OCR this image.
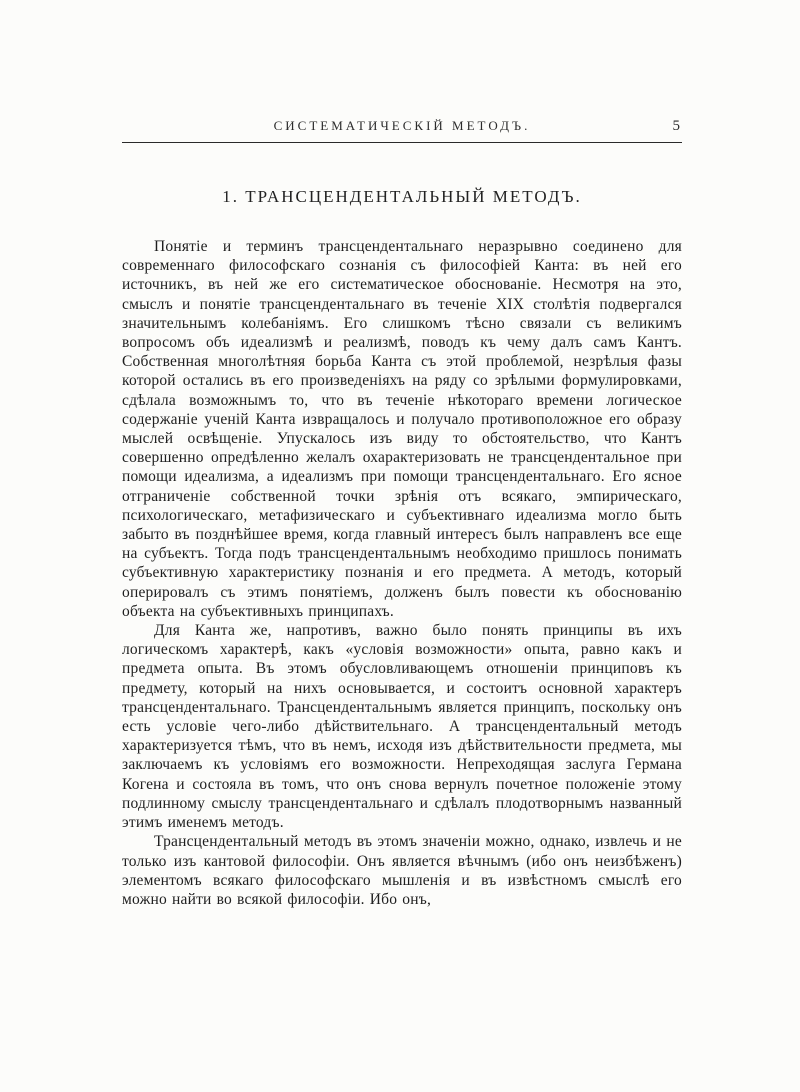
СИСТЕМАТИЧЕСКІЙ МЕТОДЪ.	5
1. ТРАНСЦЕНДЕНТАЛЬНЫЙ МЕТОДЪ.

Понятіе и терминъ трансцендентальнаго неразрывно соединено для современнаго философскаго сознанія съ философіей Канта: въ ней его источникъ, въ ней же его систематическое обоснованіе. Несмотря на это, смыслъ и понятіе трансцендентальнаго въ теченіе XIX столѣтія подвергался значительнымъ колебаніямъ. Его слишкомъ тѣсно связали съ великимъ вопросомъ объ идеализмѣ и реализмѣ, поводъ къ чему далъ самъ Кантъ. Собственная многолѣтняя борьба Канта съ этой проблемой, незрѣлыя фазы которой остались въ его произведеніяхъ на ряду со зрѣлыми формулировками, сдѣлала возможнымъ то, что въ теченіе нѣкотораго времени логическое содержаніе ученій Канта извращалось и получало противоположное его образу мыслей освѣщеніе. Упускалось изъ виду то обстоятельство, что Кантъ совершенно опредѣленно желалъ охарактеризовать не трансцендентальное при помощи идеализма, а идеализмъ при помощи трансцендентальнаго. Его ясное отграниченіе собственной точки зрѣнія отъ всякаго, эмпирическаго, психологическаго, метафизическаго и субъективнаго идеализма могло быть забыто въ позднѣйшее время, когда главный интересъ былъ направленъ все еще на субъектъ. Тогда подъ трансцендентальнымъ необходимо пришлось понимать субъективную характеристику познанія и его предмета. А методъ, который оперировалъ съ этимъ понятіемъ, долженъ былъ повести къ обоснованію объекта на субъективныхъ принципахъ.

Для Канта же, напротивъ, важно было понять принципы въ ихъ логическомъ характерѣ, какъ «условія возможности» опыта, равно какъ и предмета опыта. Въ этомъ обусловливающемъ отношеніи принциповъ къ предмету, который на нихъ основывается, и состоитъ основной характеръ трансцендентальнаго. Трансцендентальнымъ является принципъ, поскольку онъ есть условіе чего-либо дѣйствительнаго. А трансцендентальный методъ характеризуется тѣмъ, что въ немъ, исходя изъ дѣйствительности предмета, мы заключаемъ къ условіямъ его возможности. Непреходящая заслуга Германа Когена и состояла въ томъ, что онъ снова вернулъ почетное положеніе этому подлинному смыслу трансцендентальнаго и сдѣлалъ плодотворнымъ названный этимъ именемъ методъ.

Трансцендентальный методъ въ этомъ значеніи можно, однако, извлечь и не только изъ кантовой философіи. Онъ является вѣчнымъ (ибо онъ неизбѣженъ) элементомъ всякаго философскаго мышленія и въ извѣстномъ смыслѣ его можно найти во всякой философіи. Ибо онъ,
